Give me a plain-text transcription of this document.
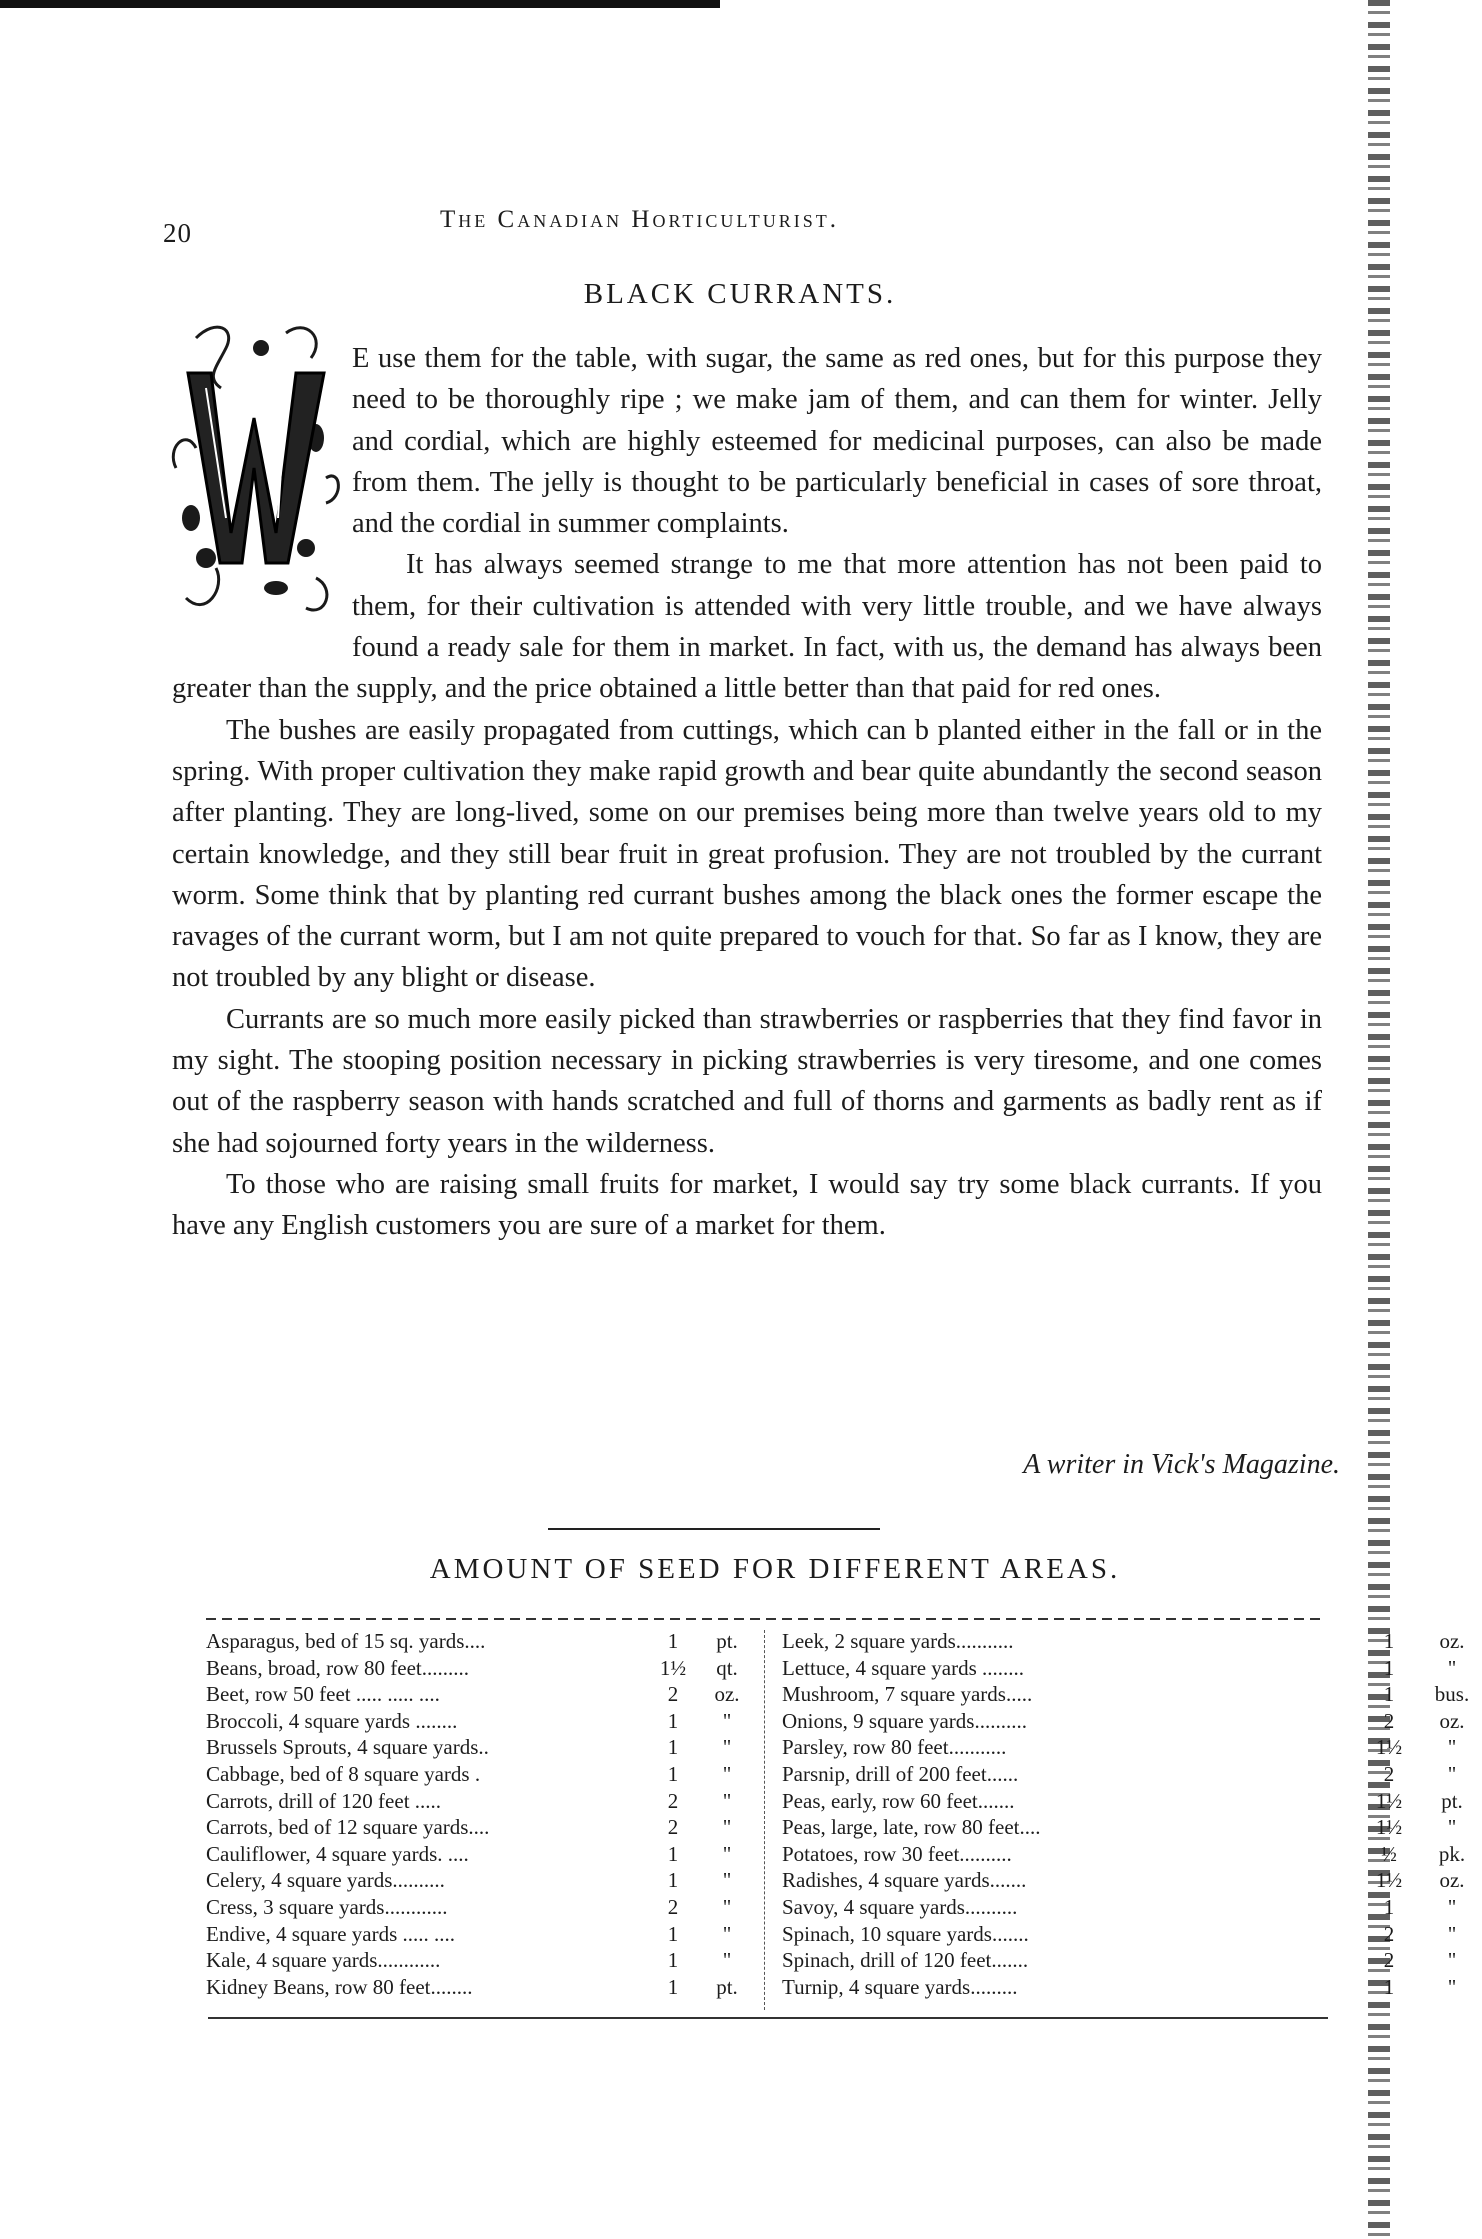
20	The Canadian Horticulturist.
BLACK CURRANTS.

E use them for the table, with sugar, the same as red ones, but for this purpose they need to be thoroughly ripe ; we make jam of them, and can them for winter. Jelly and cordial, which are highly esteemed for medicinal purposes, can also be made from them. The jelly is thought to be particularly beneficial in cases of sore throat, and the cordial in summer complaints.

It has always seemed strange to me that more attention has not been paid to them, for their cultivation is attended with very little trouble, and we have always found a ready sale for them in market. In fact, with us, the demand has always been greater than the supply, and the price obtained a little better than that paid for red ones.

The bushes are easily propagated from cuttings, which can b planted either in the fall or in the spring. With proper cultivation they make rapid growth and bear quite abundantly the second season after planting. They are long-lived, some on our premises being more than twelve years old to my certain knowledge, and they still bear fruit in great profusion. They are not troubled by the currant worm. Some think that by planting red currant bushes among the black ones the former escape the ravages of the currant worm, but I am not quite prepared to vouch for that. So far as I know, they are not troubled by any blight or disease.

Currants are so much more easily picked than strawberries or raspberries that they find favor in my sight. The stooping position necessary in picking strawberries is very tiresome, and one comes out of the raspberry season with hands scratched and full of thorns and garments as badly rent as if she had sojourned forty years in the wilderness.

To those who are raising small fruits for market, I would say try some black currants. If you have any English customers you are sure of a market for them.

A writer in Vick's Magazine.
AMOUNT OF SEED FOR DIFFERENT AREAS.
Asparagus, bed of 15 sq. yards....	1	pt.
Beans, broad, row 80 feet.........	1½	qt.
Beet, row 50 feet ..... ..... ....	2	oz.
Broccoli, 4 square yards ........	1	"
Brussels Sprouts, 4 square yards..	1	"
Cabbage, bed of 8 square yards .	1	"
Carrots, drill of 120 feet .....	2	"
Carrots, bed of 12 square yards....	2	"
Cauliflower, 4 square yards. ....	1	"
Celery, 4 square yards..........	1	"
Cress, 3 square yards............	2	"
Endive, 4 square yards ..... ....	1	"
Kale, 4 square yards............	1	"
Kidney Beans, row 80 feet........	1	pt.
Leek, 2 square yards...........	1	oz.
Lettuce, 4 square yards ........	1	"
Mushroom, 7 square yards.....	1	bus.
Onions, 9 square yards..........	2	oz.
Parsley, row 80 feet...........	1½	"
Parsnip, drill of 200 feet......	2	"
Peas, early, row 60 feet.......	1½	pt.
Peas, large, late, row 80 feet....	1½	"
Potatoes, row 30 feet..........	½	pk.
Radishes, 4 square yards.......	1½	oz.
Savoy, 4 square yards..........	1	"
Spinach, 10 square yards.......	2	"
Spinach, drill of 120 feet.......	2	"
Turnip, 4 square yards.........	1	"
